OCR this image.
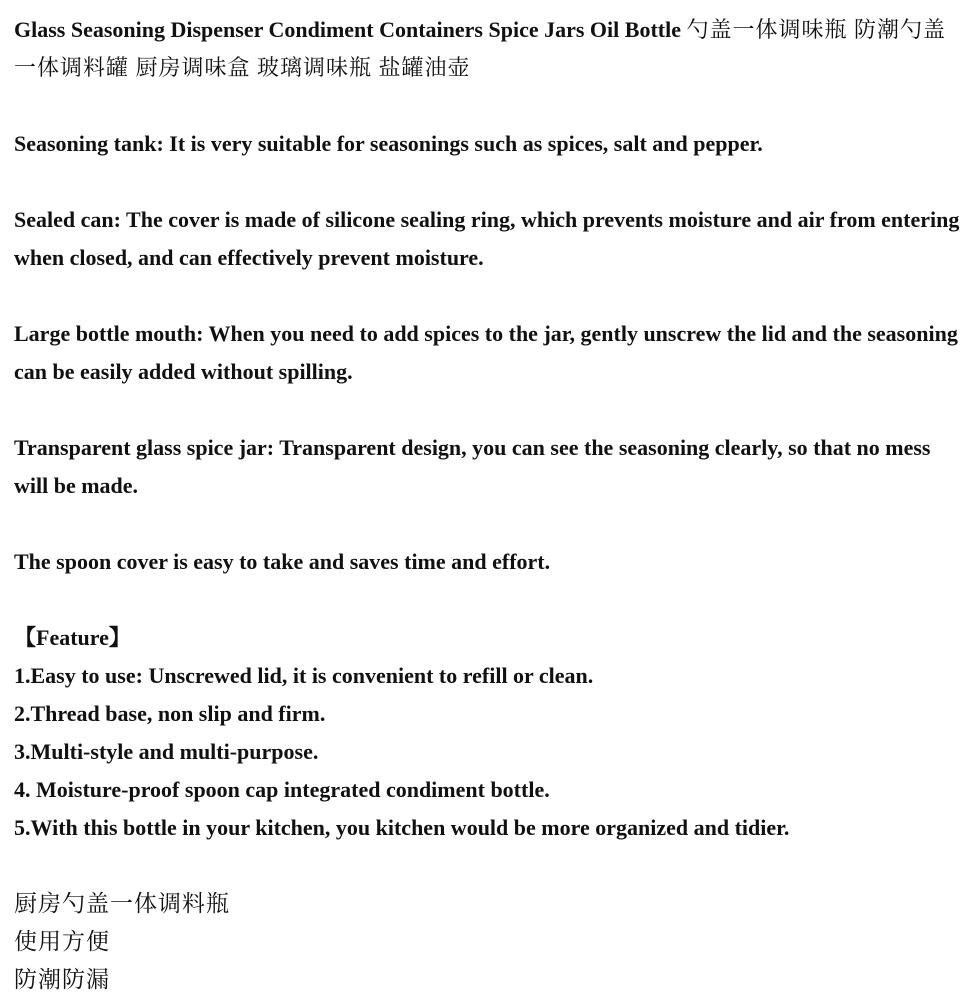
Glass Seasoning Dispenser Condiment Containers Spice Jars Oil Bottle 勺盖一体调味瓶 防潮勺盖一体调料罐 厨房调味盒 玻璃调味瓶 盐罐油壶

Seasoning tank: It is very suitable for seasonings such as spices, salt and pepper.

Sealed can: The cover is made of silicone sealing ring, which prevents moisture and air from entering when closed, and can effectively prevent moisture.

Large bottle mouth: When you need to add spices to the jar, gently unscrew the lid and the seasoning can be easily added without spilling.

Transparent glass spice jar: Transparent design, you can see the seasoning clearly, so that no mess will be made.

The spoon cover is easy to take and saves time and effort.

【Feature】

1.Easy to use: Unscrewed lid, it is convenient to refill or clean.

2.Thread base, non slip and firm.

3.Multi-style and multi-purpose.

4. Moisture-proof spoon cap integrated condiment bottle.

5.With this bottle in your kitchen, you kitchen would be more organized and tidier.

厨房勺盖一体调料瓶

使用方便

防潮防漏
